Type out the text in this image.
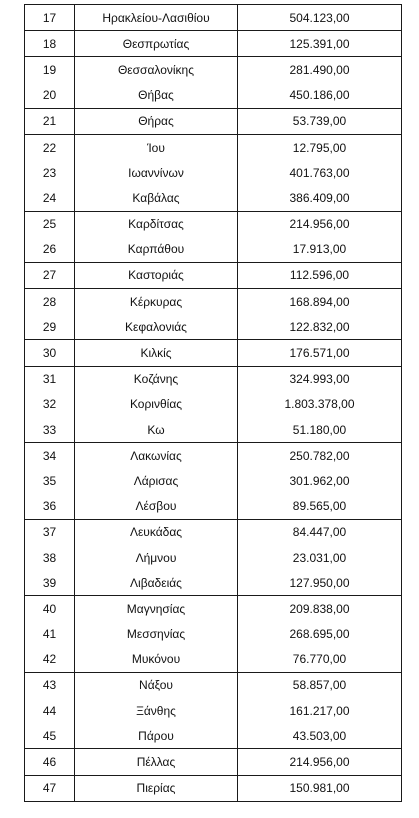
17	Ηρακλείου-Λασιθίου	504.123,00
18	Θεσπρωτίας	125.391,00
19	Θεσσαλονίκης	281.490,00
20	Θήβας	450.186,00
21	Θήρας	53.739,00
22	Ίου	12.795,00
23	Ιωαννίνων	401.763,00
24	Καβάλας	386.409,00
25	Καρδίτσας	214.956,00
26	Καρπάθου	17.913,00
27	Καστοριάς	112.596,00
28	Κέρκυρας	168.894,00
29	Κεφαλονιάς	122.832,00
30	Κιλκίς	176.571,00
31	Κοζάνης	324.993,00
32	Κορινθίας	1.803.378,00
33	Κω	51.180,00
34	Λακωνίας	250.782,00
35	Λάρισας	301.962,00
36	Λέσβου	89.565,00
37	Λευκάδας	84.447,00
38	Λήμνου	23.031,00
39	Λιβαδειάς	127.950,00
40	Μαγνησίας	209.838,00
41	Μεσσηνίας	268.695,00
42	Μυκόνου	76.770,00
43	Νάξου	58.857,00
44	Ξάνθης	161.217,00
45	Πάρου	43.503,00
46	Πέλλας	214.956,00
47	Πιερίας	150.981,00
